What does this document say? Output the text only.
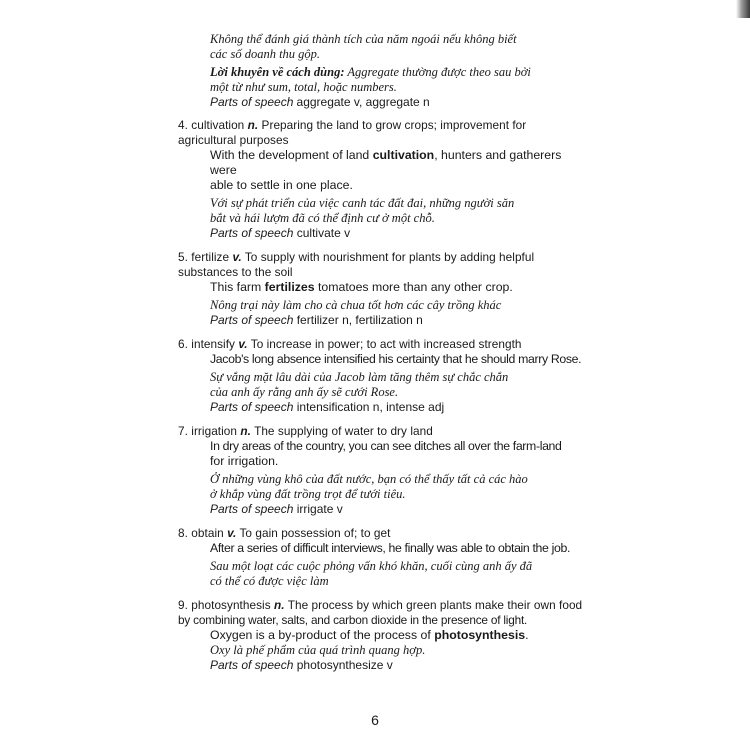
Không thể đánh giá thành tích của năm ngoái nếu không biết

các số doanh thu gộp.

Lời khuyên về cách dùng: Aggregate thường được theo sau bởi

một từ như sum, total, hoặc numbers.

Parts of speech aggregate v, aggregate n

4. cultivation n. Preparing the land to grow crops; improvement for

agricultural purposes

With the development of land cultivation, hunters and gatherers were

able to settle in one place.

Với sự phát triển của việc canh tác đất đai, những người săn

bắt và hái lượm đã có thể định cư ở một chỗ.

Parts of speech cultivate v

5. fertilize v. To supply with nourishment for plants by adding helpful

substances to the soil

This farm fertilizes tomatoes more than any other crop.

Nông trại này làm cho cà chua tốt hơn các cây trồng khác

Parts of speech fertilizer n, fertilization n

6. intensify v. To increase in power; to act with increased strength

Jacob's long absence intensified his certainty that he should marry Rose.

Sự vắng mặt lâu dài của Jacob làm tăng thêm sự chắc chắn

của anh ấy rằng anh ấy sẽ cưới Rose.

Parts of speech intensification n, intense adj

7. irrigation n. The supplying of water to dry land

In dry areas of the country, you can see ditches all over the farm-land

for irrigation.

Ở những vùng khô của đất nước, bạn có thể thấy tất cả các hào

ở khắp vùng đất trồng trọt để tưới tiêu.

Parts of speech irrigate v

8. obtain v. To gain possession of; to get

After a series of difficult interviews, he finally was able to obtain the job.

Sau một loạt các cuộc phỏng vấn khó khăn, cuối cùng anh ấy đã

có thể có được việc làm

9. photosynthesis n. The process by which green plants make their own food

by combining water, salts, and carbon dioxide in the presence of light.

Oxygen is a by-product of the process of photosynthesis.

Oxy là phế phẩm của quá trình quang hợp.

Parts of speech photosynthesize v

6
